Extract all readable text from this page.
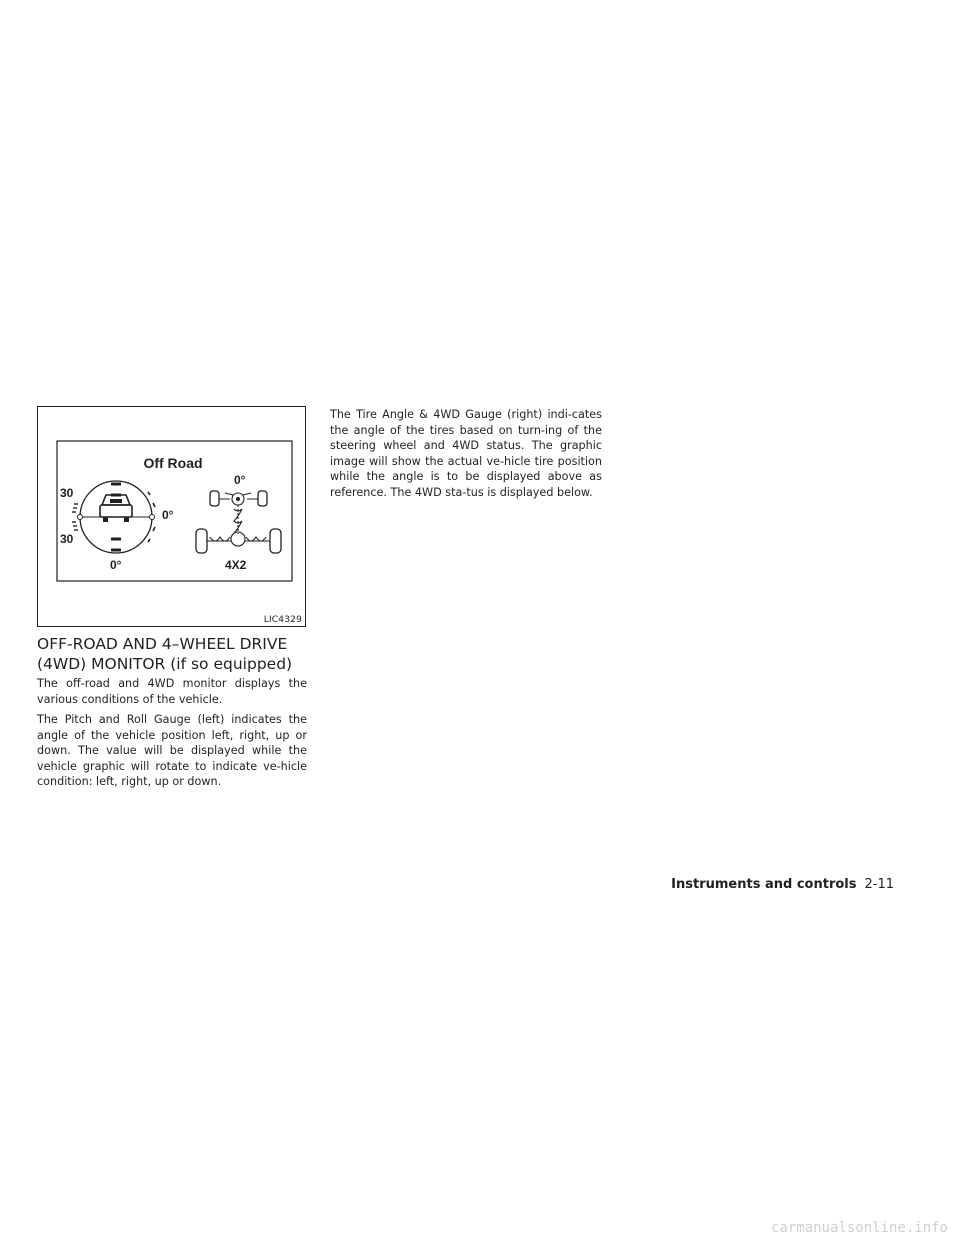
Off Road
30
30
0°
0°
0°
4X2
LIC4329
OFF-ROAD AND 4–WHEEL DRIVE (4WD) MONITOR (if so equipped)

The off-road and 4WD monitor displays the various conditions of the vehicle.

The Pitch and Roll Gauge (left) indicates the angle of the vehicle position left, right, up or down. The value will be displayed while the vehicle graphic will rotate to indicate ve-hicle condition: left, right, up or down.

The Tire Angle & 4WD Gauge (right) indi-cates the angle of the tires based on turn-ing of the steering wheel and 4WD status. The graphic image will show the actual ve-hicle tire position while the angle is to be displayed above as reference. The 4WD sta-tus is displayed below.

Instruments and controls 2-11
carmanualsonline.info
